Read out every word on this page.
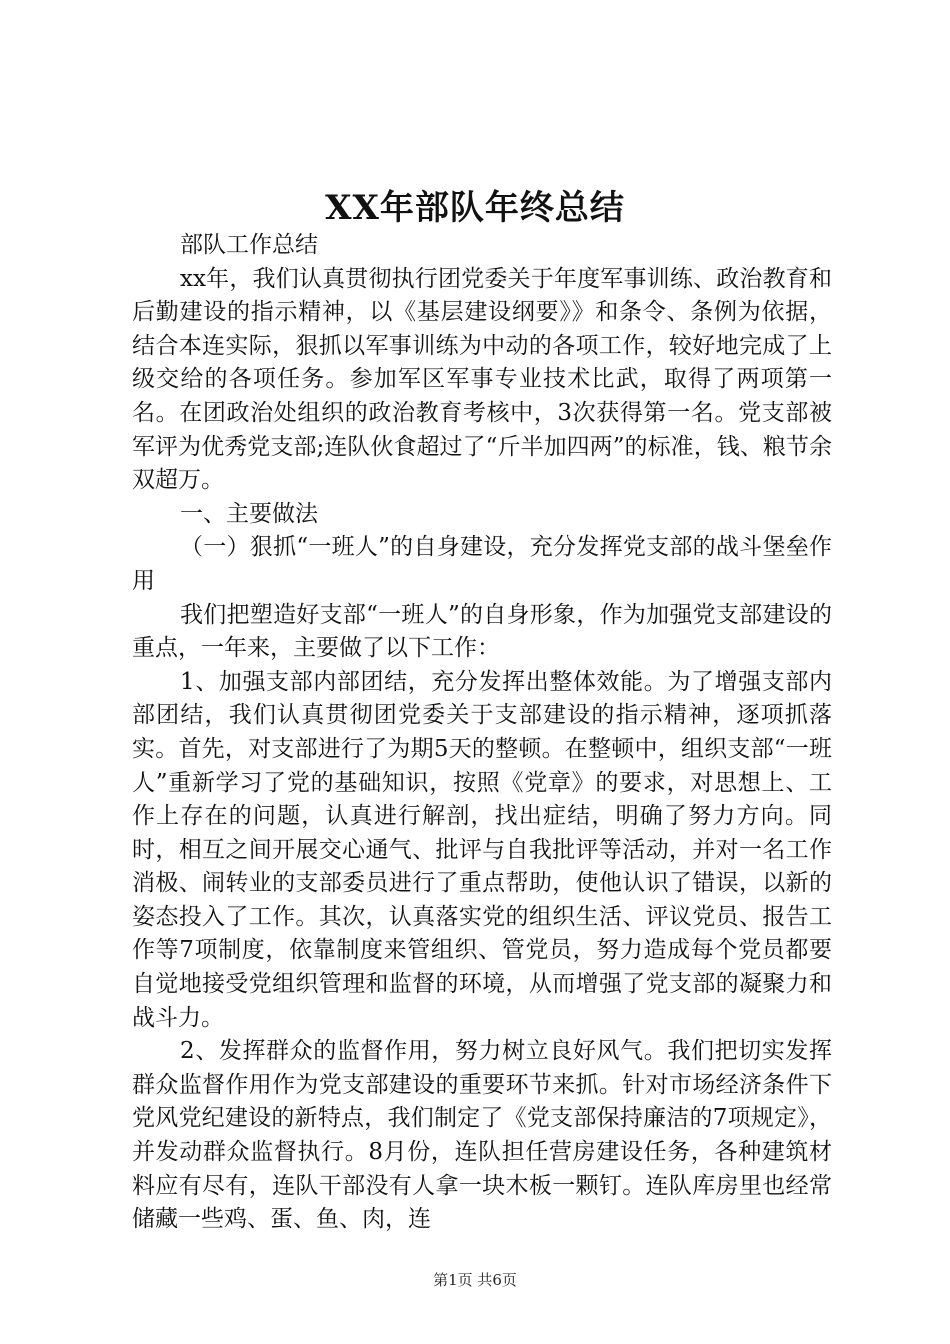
XX年部队年终总结

部队工作总结

xx年，我们认真贯彻执行团党委关于年度军事训练、政治教育和后勤建设的指示精神，以《基层建设纲要》》和条令、条例为依据，结合本连实际，狠抓以军事训练为中动的各项工作，较好地完成了上级交给的各项任务。参加军区军事专业技术比武，取得了两项第一名。在团政治处组织的政治教育考核中，3次获得第一名。党支部被军评为优秀党支部;连队伙食超过了“斤半加四两”的标准，钱、粮节余双超万。

一、主要做法

（一）狠抓“一班人”的自身建设，充分发挥党支部的战斗堡垒作用

我们把塑造好支部“一班人”的自身形象，作为加强党支部建设的重点，一年来，主要做了以下工作：

1、加强支部内部团结，充分发挥出整体效能。为了增强支部内部团结，我们认真贯彻团党委关于支部建设的指示精神，逐项抓落实。首先，对支部进行了为期5天的整顿。在整顿中，组织支部“一班人”重新学习了党的基础知识，按照《党章》的要求，对思想上、工作上存在的问题，认真进行解剖，找出症结，明确了努力方向。同时，相互之间开展交心通气、批评与自我批评等活动，并对一名工作消极、闹转业的支部委员进行了重点帮助，使他认识了错误，以新的姿态投入了工作。其次，认真落实党的组织生活、评议党员、报告工作等7项制度，依靠制度来管组织、管党员，努力造成每个党员都要自觉地接受党组织管理和监督的环境，从而增强了党支部的凝聚力和战斗力。

2、发挥群众的监督作用，努力树立良好风气。我们把切实发挥群众监督作用作为党支部建设的重要环节来抓。针对市场经济条件下党风党纪建设的新特点，我们制定了《党支部保持廉洁的7项规定》，并发动群众监督执行。8月份，连队担任营房建设任务，各种建筑材料应有尽有，连队干部没有人拿一块木板一颗钉。连队库房里也经常储藏一些鸡、蛋、鱼、肉，连

第1页 共6页
